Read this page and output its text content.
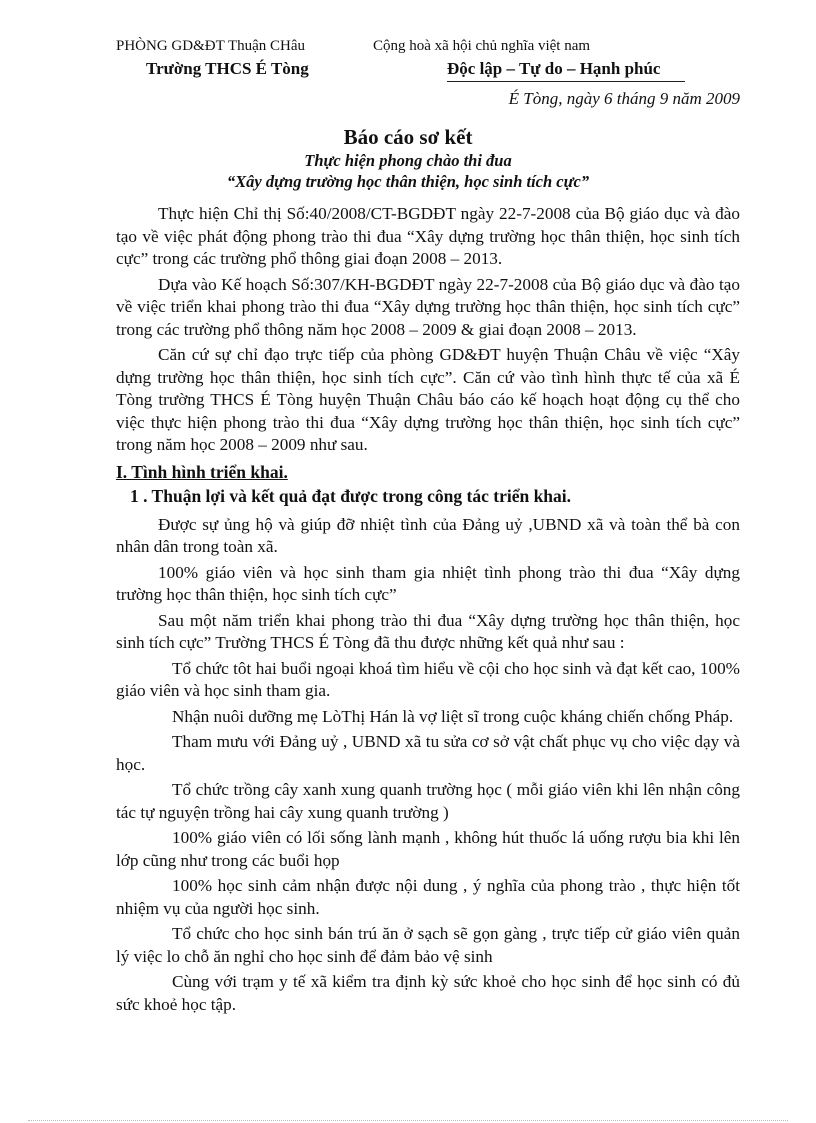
PHÒNG GD&ĐT Thuận CHâu
Trường THCS É Tòng
Cộng hoà xã hội chủ nghĩa việt nam
Độc lập – Tự do – Hạnh phúc
É Tòng, ngày 6 tháng 9 năm 2009
Báo cáo sơ kết
Thực hiện phong chào thi đua
“Xây dựng trường học thân thiện, học sinh tích cực”

Thực hiện Chỉ thị Số:40/2008/CT-BGDĐT ngày 22-7-2008 của Bộ giáo dục và đào tạo về việc phát động phong trào thi đua “Xây dựng trường học thân thiện, học sinh tích cực” trong các trường phổ thông giai đoạn 2008 – 2013.

Dựa vào Kế hoạch Số:307/KH-BGDĐT ngày 22-7-2008 của Bộ giáo dục và đào tạo về việc triển khai phong trào thi đua “Xây dựng trường học thân thiện, học sinh tích cực” trong các trường phổ thông năm học 2008 – 2009 & giai đoạn 2008 – 2013.

Căn cứ sự chỉ đạo trực tiếp của phòng GD&ĐT huyện Thuận Châu về việc “Xây dựng trường học thân thiện, học sinh tích cực”. Căn cứ vào tình hình thực tế của xã É Tòng trường THCS É Tòng huyện Thuận Châu báo cáo kế hoạch hoạt động cụ thể cho việc thực hiện phong trào thi đua “Xây dựng trường học thân thiện, học sinh tích cực” trong năm học 2008 – 2009 như sau.

I. Tình hình triển khai.

1 . Thuận lợi và kết quả đạt được trong công tác triển khai.

Được sự ủng hộ và giúp đỡ nhiệt tình của Đảng uỷ ,UBND xã và toàn thể bà con nhân dân trong toàn xã.

100% giáo viên và học sinh tham gia nhiệt tình phong trào thi đua “Xây dựng trường học thân thiện, học sinh tích cực”

Sau một năm triển khai phong trào thi đua “Xây dựng trường học thân thiện, học sinh tích cực” Trường THCS É Tòng đã thu được những kết quả như sau :

Tổ chức tôt hai buổi ngoại khoá tìm hiểu về cội cho học sinh và đạt kết cao, 100% giáo viên và học sinh tham gia.

Nhận nuôi dưỡng mẹ LòThị Hán là vợ liệt sĩ trong cuộc kháng chiến chống Pháp.

Tham mưu với Đảng uỷ , UBND xã tu sửa cơ sở vật chất phục vụ cho việc dạy và học.

Tổ chức trồng cây xanh xung quanh trường học ( mỗi giáo viên khi lên nhận công tác tự nguyện trồng hai cây xung quanh trường )

100% giáo viên có lối sống lành mạnh , không hút thuốc lá uống rượu bia khi lên lớp cũng như trong các buổi họp

100% học sinh cảm nhận được nội dung , ý nghĩa của phong trào , thực hiện tốt nhiệm vụ của người học sinh.

Tổ chức cho học sinh bán trú ăn ở sạch sẽ gọn gàng , trực tiếp cử giáo viên quản lý việc lo chỗ ăn nghỉ cho học sinh để đảm bảo vệ sinh

Cùng với trạm y tế xã kiểm tra định kỳ sức khoẻ cho học sinh để học sinh có đủ sức khoẻ học tập.
